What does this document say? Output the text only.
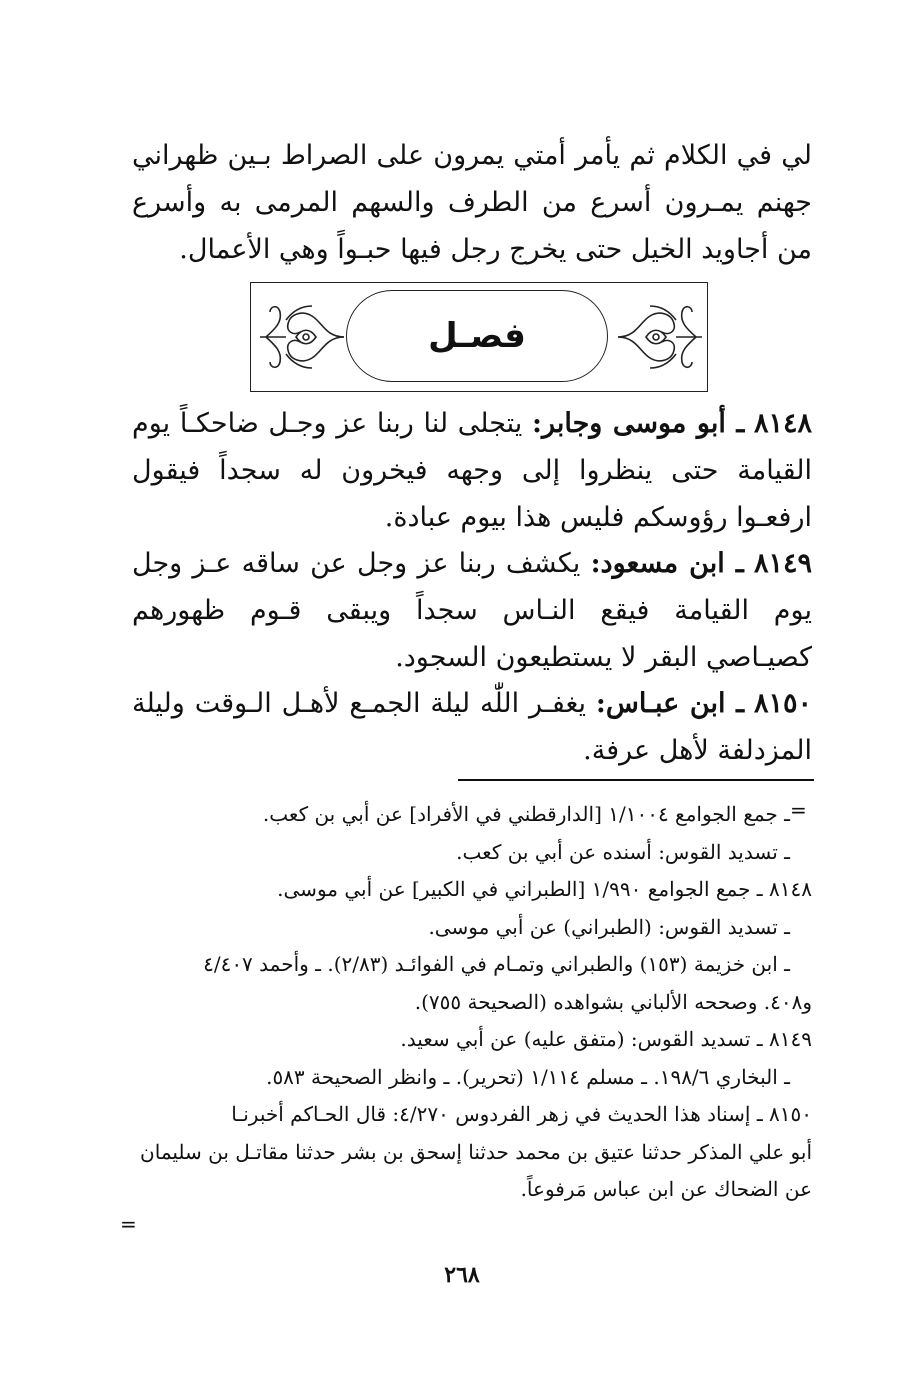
لي في الكلام ثم يأمر أمتي يمرون على الصراط بـين ظهراني جهنم يمـرون أسرع من الطرف والسهم المرمى به وأسرع من أجاويد الخيل حتى يخرج رجل فيها حبـواً وهي الأعمال.
فصـل
٨١٤٨ ـ أبو موسى وجابر: يتجلى لنا ربنا عز وجـل ضاحكـاً يوم القيامة حتى ينظروا إلى وجهه فيخرون له سجداً فيقول ارفعـوا رؤوسكم فليس هذا بيوم عبادة.
٨١٤٩ ـ ابن مسعود: يكشف ربنا عز وجل عن ساقه عـز وجل يوم القيامة فيقع النـاس سجداً ويبقى قـوم ظهورهم كصيـاصي البقر لا يستطيعون السجود.
٨١٥٠ ـ ابن عبـاس: يغفـر اللّٰه ليلة الجمـع لأهـل الـوقت وليلة المزدلفة لأهل عرفة.
=
ـ جمع الجوامع ١/١٠٠٤ [الدارقطني في الأفراد] عن أبي بن كعب.
ـ تسديد القوس: أسنده عن أبي بن كعب.
٨١٤٨ ـ جمع الجوامع ١/٩٩٠ [الطبراني في الكبير] عن أبي موسى.
ـ تسديد القوس: (الطبراني) عن أبي موسى.
ـ ابن خزيمة (١٥٣) والطبراني وتمـام في الفوائـد (٢/٨٣). ـ وأحمد ٤/٤٠٧
و٤٠٨. وصححه الألباني بشواهده (الصحيحة ٧٥٥).
٨١٤٩ ـ تسديد القوس: (متفق عليه) عن أبي سعيد.
ـ البخاري ١٩٨/٦. ـ مسلم ١/١١٤ (تحرير). ـ وانظر الصحيحة ٥٨٣.
٨١٥٠ ـ إسناد هذا الحديث في زهر الفردوس ٤/٢٧٠: قال الحـاكم أخبرنـا
أبو علي المذكر حدثنا عتيق بن محمد حدثنا إسحق بن بشر حدثنا مقاتـل بن سليمان
عن الضحاك عن ابن عباس مَرفوعاً.
=
٢٦٨
